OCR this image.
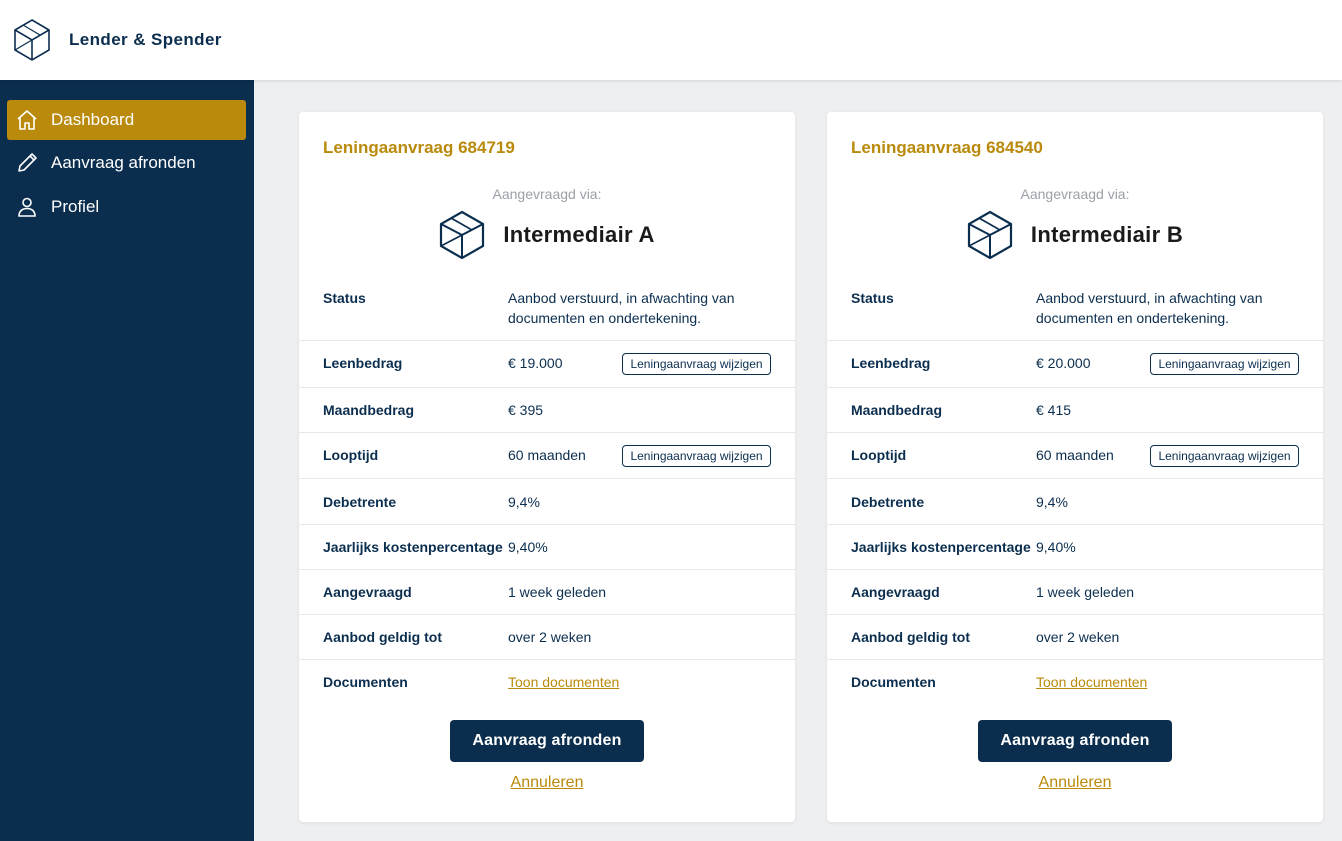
Lender & Spender
Dashboard
Aanvraag afronden
Profiel
Leningaanvraag 684719
Aangevraagd via:
Intermediair A
Status	Aanbod verstuurd, in afwachting van documenten en ondertekening.
Leenbedrag	€ 19.000	Leningaanvraag wijzigen
Maandbedrag	€ 395
Looptijd	60 maanden	Leningaanvraag wijzigen
Debetrente	9,4%
Jaarlijks kostenpercentage 9,40%
Aangevraagd	1 week geleden
Aanbod geldig tot	over 2 weken
Documenten	Toon documenten
Aanvraag afronden
Annuleren
Leningaanvraag 684540
Aangevraagd via:
Intermediair B
Status	Aanbod verstuurd, in afwachting van documenten en ondertekening.
Leenbedrag	€ 20.000	Leningaanvraag wijzigen
Maandbedrag	€ 415
Looptijd	60 maanden	Leningaanvraag wijzigen
Debetrente	9,4%
Jaarlijks kostenpercentage 9,40%
Aangevraagd	1 week geleden
Aanbod geldig tot	over 2 weken
Documenten	Toon documenten
Aanvraag afronden
Annuleren
